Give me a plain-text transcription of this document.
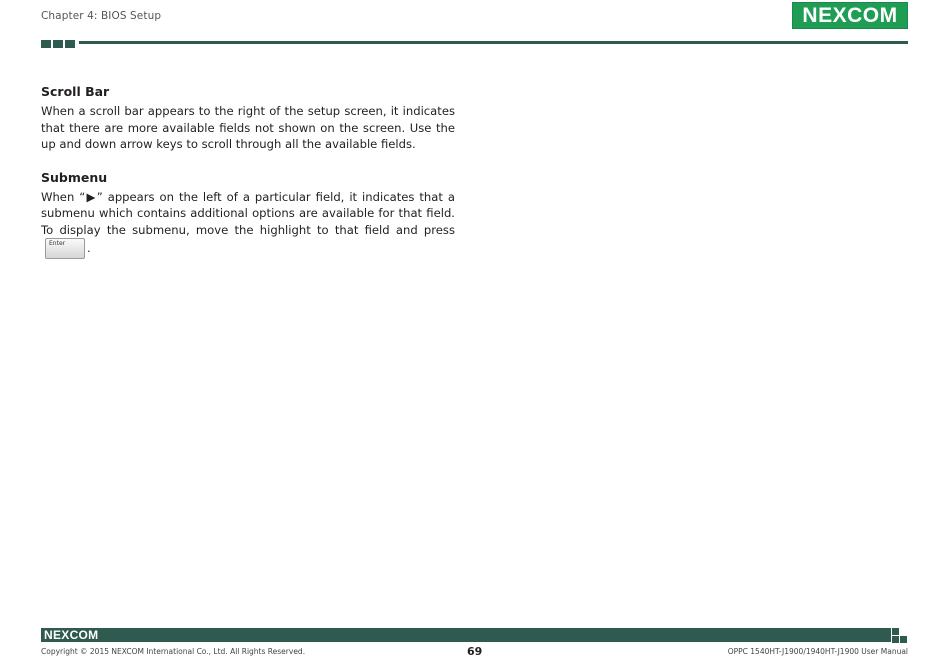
Chapter 4: BIOS Setup	NEXCOM
Scroll Bar

When a scroll bar appears to the right of the setup screen, it indicates that there are more available fields not shown on the screen. Use the up and down arrow keys to scroll through all the available fields.

Submenu

When “▶” appears on the left of a particular field, it indicates that a submenu which contains additional options are available for that field. To display the submenu, move the highlight to that field and press
Enter .

NEXCOM
Copyright © 2015 NEXCOM International Co., Ltd. All Rights Reserved.	69	OPPC 1540HT-J1900/1940HT-J1900 User Manual
